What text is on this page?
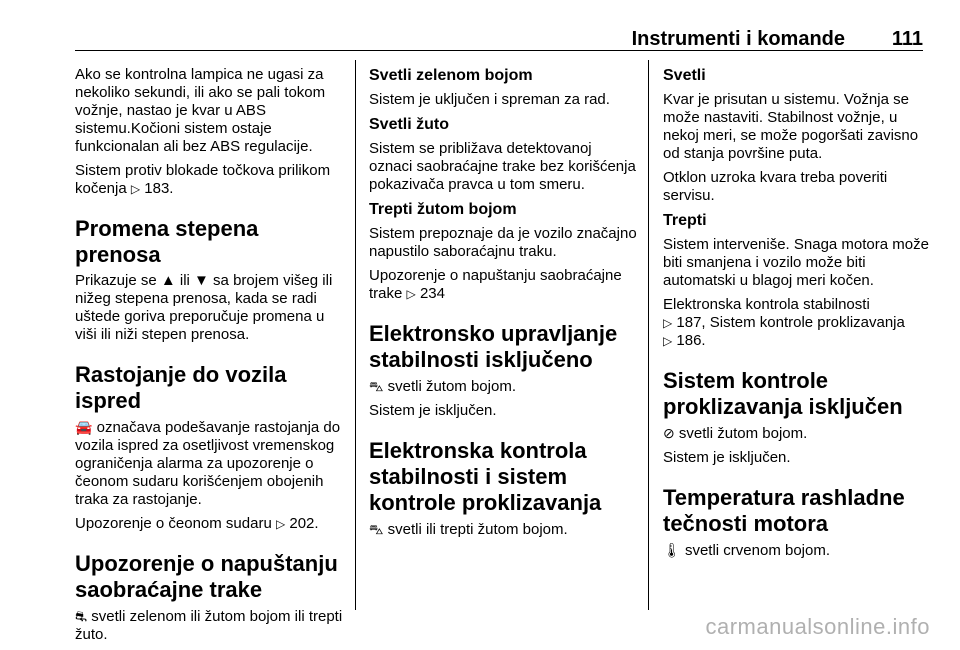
Instrumenti i komande 111

Ako se kontrolna lampica ne ugasi za nekoliko sekundi, ili ako se pali tokom vožnje, nastao je kvar u ABS sistemu.Kočioni sistem ostaje funkcionalan ali bez ABS regulacije.

Sistem protiv blokade točkova prilikom kočenja ▷ 183.

Promena stepena prenosa

Prikazuje se ▲ ili ▼ sa brojem višeg ili nižeg stepena prenosa, kada se radi uštede goriva preporučuje promena u viši ili niži stepen prenosa.

Rastojanje do vozila ispred

🚘 označava podešavanje rastojanja do vozila ispred za osetljivost vremenskog ograničenja alarma za upozorenje o čeonom sudaru korišćenjem obojenih traka za rastojanje.

Upozorenje o čeonom sudaru ▷ 202.

Upozorenje o napuštanju saobraćajne trake

⛐ svetli zelenom ili žutom bojom ili trepti žuto.

Svetli zelenom bojom

Sistem je uključen i spreman za rad.

Svetli žuto

Sistem se približava detektovanoj oznaci saobraćajne trake bez korišćenja pokazivača pravca u tom smeru.

Trepti žutom bojom

Sistem prepoznaje da je vozilo značajno napustilo saboraćajnu traku.

Upozorenje o napuštanju saobraćajne trake ▷ 234

Elektronsko upravljanje stabilnosti isključeno

⛍ svetli žutom bojom.

Sistem je isključen.

Elektronska kontrola stabilnosti i sistem kontrole proklizavanja

⛍ svetli ili trepti žutom bojom.

Svetli

Kvar je prisutan u sistemu. Vožnja se može nastaviti. Stabilnost vožnje, u nekoj meri, se može pogoršati zavisno od stanja površine puta.

Otklon uzroka kvara treba poveriti servisu.

Trepti

Sistem interveniše. Snaga motora može biti smanjena i vozilo može biti automatski u blagoj meri kočen.

Elektronska kontrola stabilnosti
▷ 187, Sistem kontrole proklizavanja
▷ 186.

Sistem kontrole proklizavanja isključen

⊘ svetli žutom bojom.

Sistem je isključen.

Temperatura rashladne tečnosti motora

🌡 svetli crvenom bojom.

carmanualsonline.info
